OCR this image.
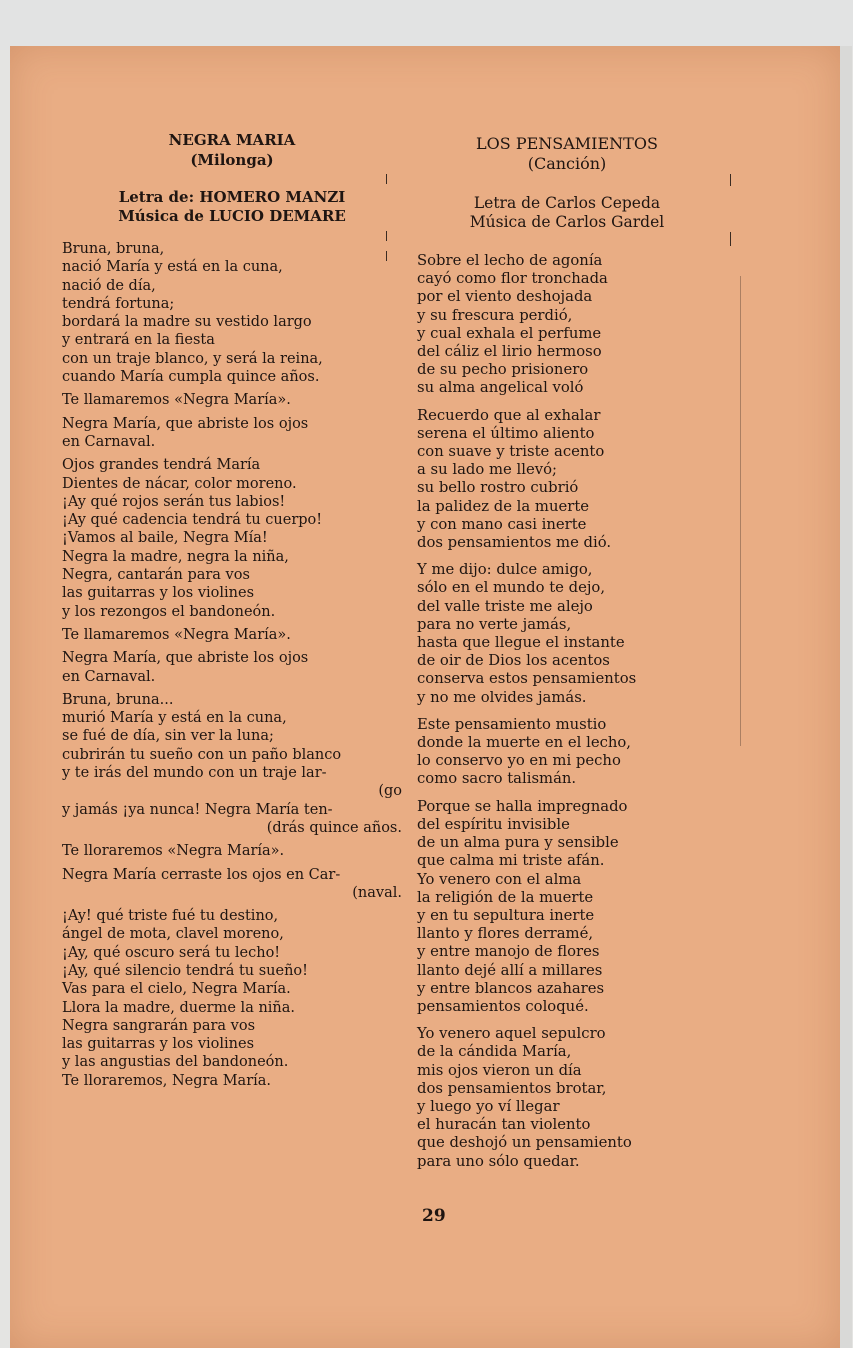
NEGRA MARIA
(Milonga)
Letra de: HOMERO MANZI
Música de LUCIO DEMARE
Bruna, bruna,
nació María y está en la cuna,
nació de día,
tendrá fortuna;
bordará la madre su vestido largo
y entrará en la fiesta
con un traje blanco, y será la reina,
cuando María cumpla quince años.
Te llamaremos «Negra María».
Negra María, que abriste los ojos
en Carnaval.
Ojos grandes tendrá María
Dientes de nácar, color moreno.
¡Ay qué rojos serán tus labios!
¡Ay qué cadencia tendrá tu cuerpo!
¡Vamos al baile, Negra Mía!
Negra la madre, negra la niña,
Negra, cantarán para vos
las guitarras y los violines
y los rezongos el bandoneón.
Te llamaremos «Negra María».
Negra María, que abriste los ojos
en Carnaval.
Bruna, bruna...
murió María y está en la cuna,
se fué de día, sin ver la luna;
cubrirán tu sueño con un paño blanco
y te irás del mundo con un traje lar-
(go
y jamás ¡ya nunca! Negra María ten-
(drás quince años.
Te lloraremos «Negra María».
Negra María cerraste los ojos en Car-
(naval.
¡Ay! qué triste fué tu destino,
ángel de mota, clavel moreno,
¡Ay, qué oscuro será tu lecho!
¡Ay, qué silencio tendrá tu sueño!
Vas para el cielo, Negra María.
Llora la madre, duerme la niña.
Negra sangrarán para vos
las guitarras y los violines
y las angustias del bandoneón.
Te lloraremos, Negra María.
LOS PENSAMIENTOS
(Canción)
Letra de Carlos Cepeda
Música de Carlos Gardel
Sobre el lecho de agonía
cayó como flor tronchada
por el viento deshojada
y su frescura perdió,
y cual exhala el perfume
del cáliz el lirio hermoso
de su pecho prisionero
su alma angelical voló
Recuerdo que al exhalar
serena el último aliento
con suave y triste acento
a su lado me llevó;
su bello rostro cubrió
la palidez de la muerte
y con mano casi inerte
dos pensamientos me dió.
Y me dijo: dulce amigo,
sólo en el mundo te dejo,
del valle triste me alejo
para no verte jamás,
hasta que llegue el instante
de oir de Dios los acentos
conserva estos pensamientos
y no me olvides jamás.
Este pensamiento mustio
donde la muerte en el lecho,
lo conservo yo en mi pecho
como sacro talismán.
Porque se halla impregnado
del espíritu invisible
de un alma pura y sensible
que calma mi triste afán.
Yo venero con el alma
la religión de la muerte
y en tu sepultura inerte
llanto y flores derramé,
y entre manojo de flores
llanto dejé allí a millares
y entre blancos azahares
pensamientos coloqué.
Yo venero aquel sepulcro
de la cándida María,
mis ojos vieron un día
dos pensamientos brotar,
y luego yo ví llegar
el huracán tan violento
que deshojó un pensamiento
para uno sólo quedar.
29
